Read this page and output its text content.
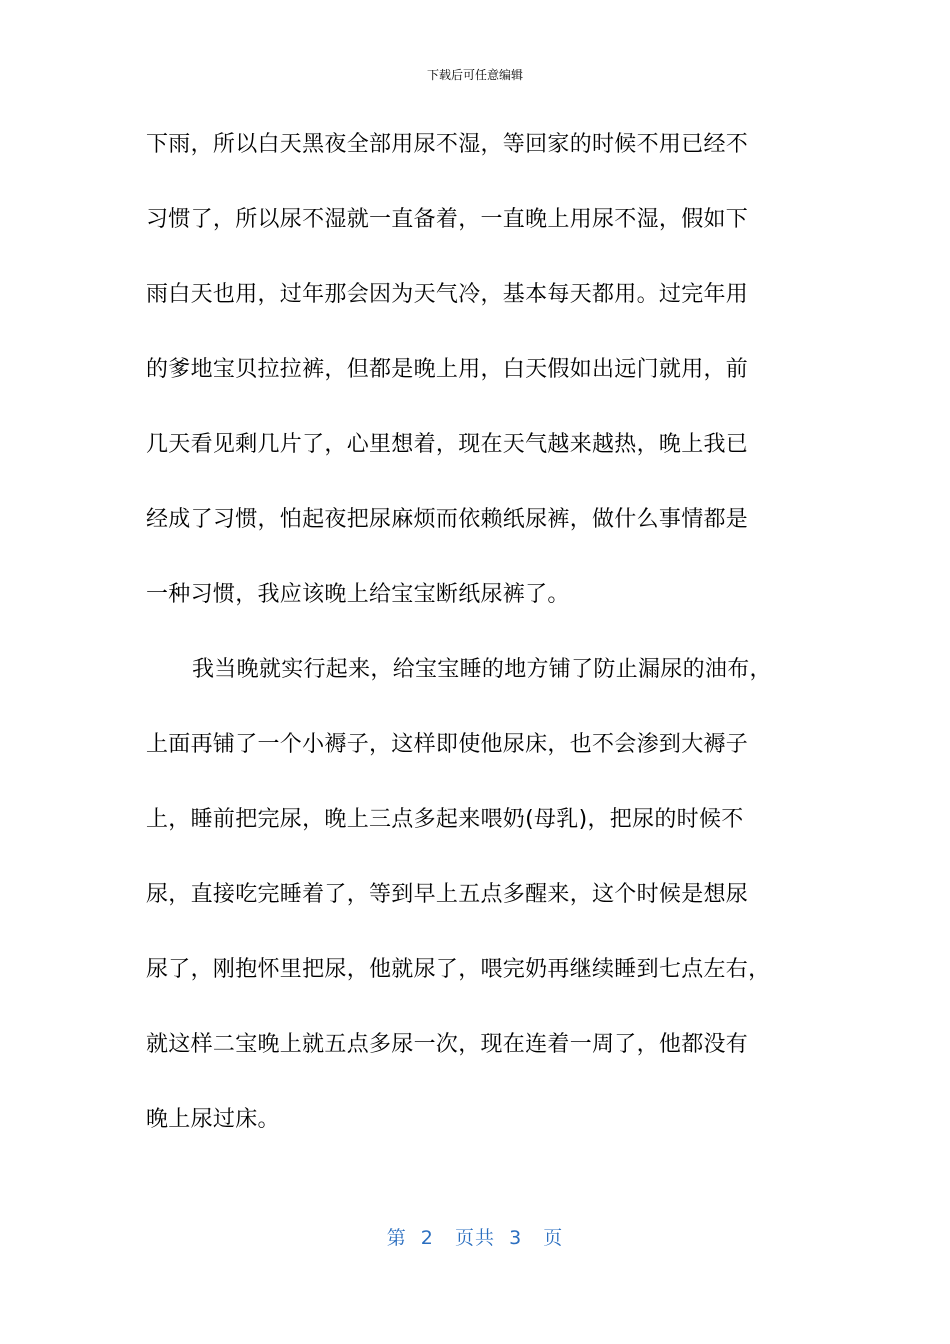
下载后可任意编辑
下雨，所以白天黑夜全部用尿不湿，等回家的时候不用已经不
习惯了，所以尿不湿就一直备着，一直晚上用尿不湿，假如下
雨白天也用，过年那会因为天气冷，基本每天都用。过完年用
的爹地宝贝拉拉裤，但都是晚上用，白天假如出远门就用，前
几天看见剩几片了，心里想着，现在天气越来越热，晚上我已
经成了习惯，怕起夜把尿麻烦而依赖纸尿裤，做什么事情都是
一种习惯，我应该晚上给宝宝断纸尿裤了。
我当晚就实行起来，给宝宝睡的地方铺了防止漏尿的油布，
上面再铺了一个小褥子，这样即使他尿床，也不会渗到大褥子
上，睡前把完尿，晚上三点多起来喂奶(母乳)，把尿的时候不
尿，直接吃完睡着了，等到早上五点多醒来，这个时候是想尿
尿了，刚抱怀里把尿，他就尿了，喂完奶再继续睡到七点左右，
就这样二宝晚上就五点多尿一次，现在连着一周了，他都没有
晚上尿过床。
第  2   页共  3   页
